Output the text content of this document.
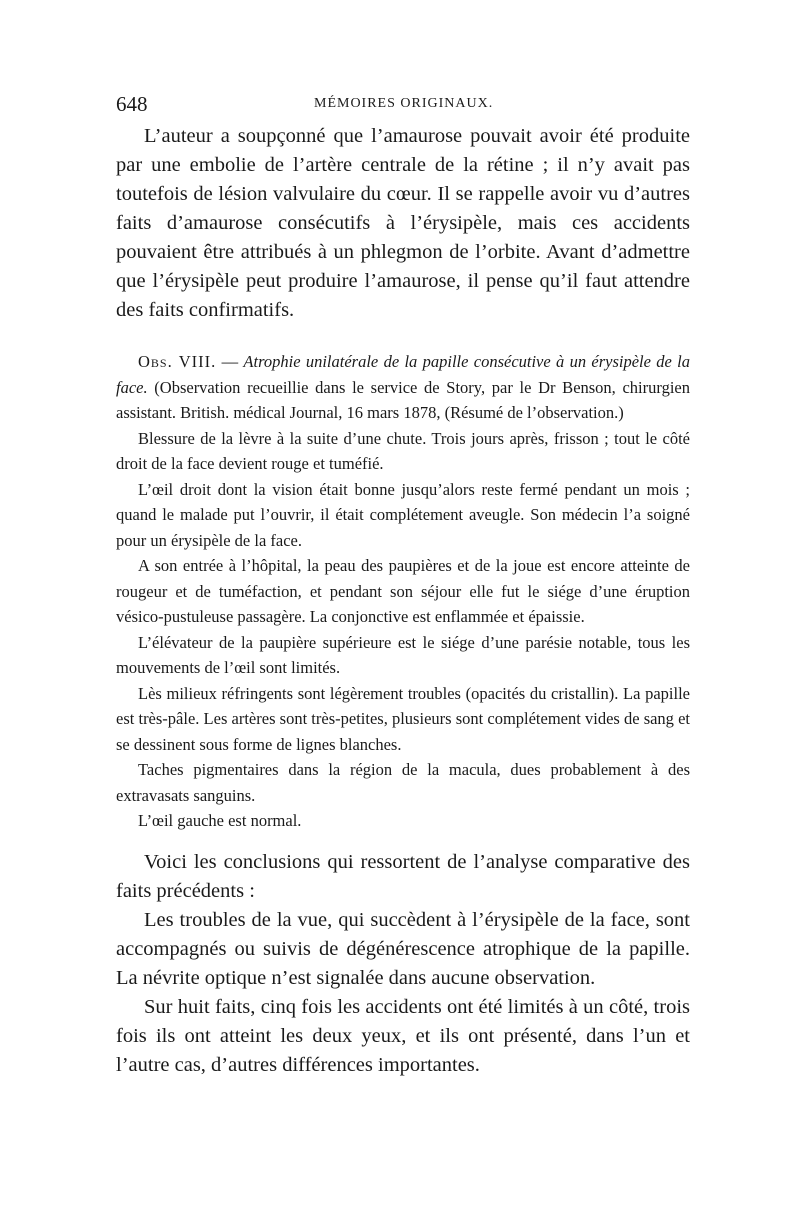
648	MÉMOIRES ORIGINAUX.

L’auteur a soupçonné que l’amaurose pouvait avoir été produite par une embolie de l’artère centrale de la rétine ; il n’y avait pas toutefois de lésion valvulaire du cœur. Il se rappelle avoir vu d’autres faits d’amaurose consécutifs à l’érysipèle, mais ces accidents pouvaient être attribués à un phlegmon de l’orbite. Avant d’admettre que l’érysipèle peut produire l’amaurose, il pense qu’il faut attendre des faits confirmatifs.

Obs. VIII. — Atrophie unilatérale de la papille consécutive à un érysipèle de la face. (Observation recueillie dans le service de Story, par le Dr Benson, chirurgien assistant. British. médical Journal, 16 mars 1878, (Résumé de l’observation.)

Blessure de la lèvre à la suite d’une chute. Trois jours après, frisson ; tout le côté droit de la face devient rouge et tuméfié.

L’œil droit dont la vision était bonne jusqu’alors reste fermé pendant un mois ; quand le malade put l’ouvrir, il était complétement aveugle. Son médecin l’a soigné pour un érysipèle de la face.

A son entrée à l’hôpital, la peau des paupières et de la joue est encore atteinte de rougeur et de tuméfaction, et pendant son séjour elle fut le siége d’une éruption vésico-pustuleuse passagère. La conjonctive est enflammée et épaissie.

L’élévateur de la paupière supérieure est le siége d’une parésie notable, tous les mouvements de l’œil sont limités.

Lès milieux réfringents sont légèrement troubles (opacités du cristallin). La papille est très-pâle. Les artères sont très-petites, plusieurs sont complétement vides de sang et se dessinent sous forme de lignes blanches.

Taches pigmentaires dans la région de la macula, dues probablement à des extravasats sanguins.

L’œil gauche est normal.

Voici les conclusions qui ressortent de l’analyse comparative des faits précédents :

Les troubles de la vue, qui succèdent à l’érysipèle de la face, sont accompagnés ou suivis de dégénérescence atrophique de la papille. La névrite optique n’est signalée dans aucune observation.

Sur huit faits, cinq fois les accidents ont été limités à un côté, trois fois ils ont atteint les deux yeux, et ils ont présenté, dans l’un et l’autre cas, d’autres différences importantes.
